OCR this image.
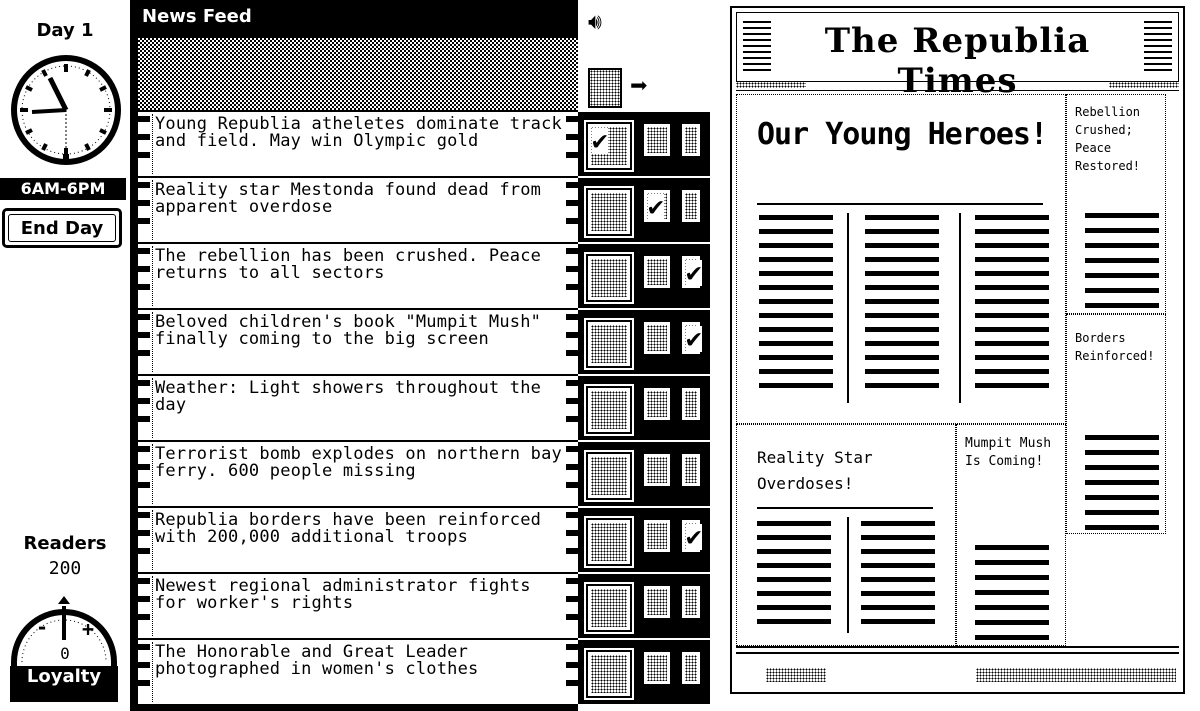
Day 1
6AM-6PM
End Day
Readers
200
- +
0
Loyalty
News Feed
Young Republia atheletes dominate track and field. May win Olympic gold
Reality star Mestonda found dead from apparent overdose
The rebellion has been crushed. Peace returns to all sectors
Beloved children's book "Mumpit Mush" finally coming to the big screen
Weather: Light showers throughout the day
Terrorist bomb explodes on northern bay ferry. 600 people missing
Republia borders have been reinforced with 200,000 additional troops
Newest regional administrator fights for worker's rights
The Honorable and Great Leader photographed in women's clothes
🔊︎
➡︎
✔
✔
✔
✔
✔
The Republia Times
Our Young Heroes!
Rebellion Crushed; Peace Restored!
Borders Reinforced!
Reality Star Overdoses!
Mumpit Mush Is Coming!
